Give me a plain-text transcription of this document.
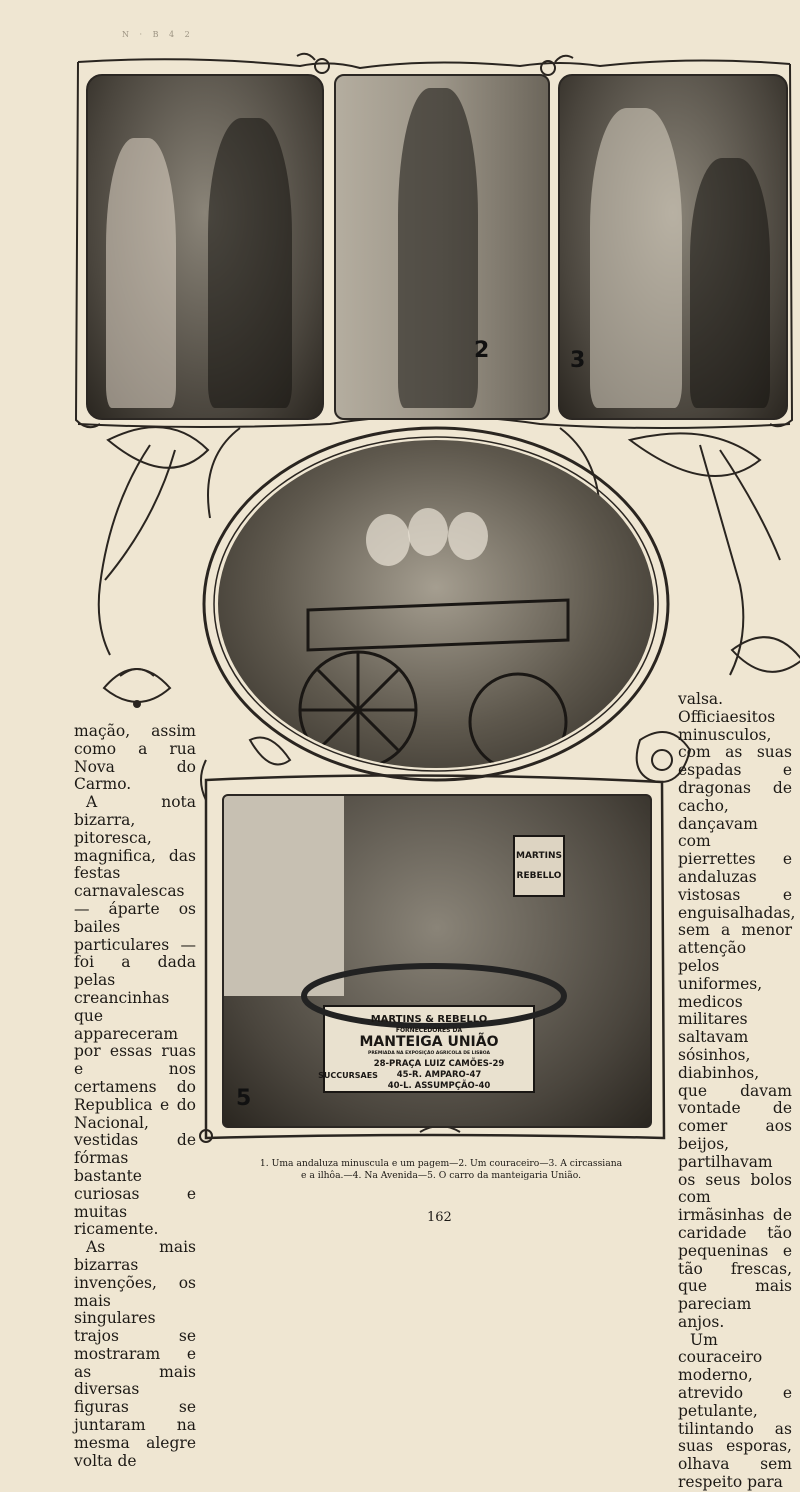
N · B 4 2
2	3
MARTINS
REBELLO
MARTINS & REBELLO
FORNECEDORES DA
MANTEIGA UNIÃO
PREMIADA NA EXPOSIÇÃO AGRICOLA DE LISBOA
28-PRAÇA LUIZ CAMÕES-29
45-R. AMPARO-47
40-L. ASSUMPÇÃO-40
SUCCURSAES
5

mação, assim como a rua Nova do Carmo.

A nota bizarra, pitoresca, magnifica, das festas carnavalescas — áparte os bailes particulares — foi a dada pelas creancinhas que appareceram por essas ruas e nos certamens do Republica e do Nacional, vestidas de fórmas bastante curiosas e muitas ricamente.

As mais bizarras invenções, os mais singulares trajos se mostraram e as mais diversas figuras se juntaram na mesma alegre volta de

valsa. Officiaesitos minusculos, com as suas espadas e dragonas de cacho, dançavam com pierrettes e andaluzas vistosas e enguisalhadas, sem a menor attenção pelos uniformes, medicos militares saltavam sósinhos, diabinhos, que davam vontade de comer aos beijos, partilhavam os seus bolos com irmãsinhas de caridade tão pequeninas e tão frescas, que mais pareciam anjos.

Um couraceiro moderno, atrevido e petulante, tilintando as suas esporas, olhava sem respeito para

1. Uma andaluza minuscula e um pagem—2. Um couraceiro—3. A circassiana
e a ilhôa.—4. Na Avenida—5. O carro da manteigaria União.
162
